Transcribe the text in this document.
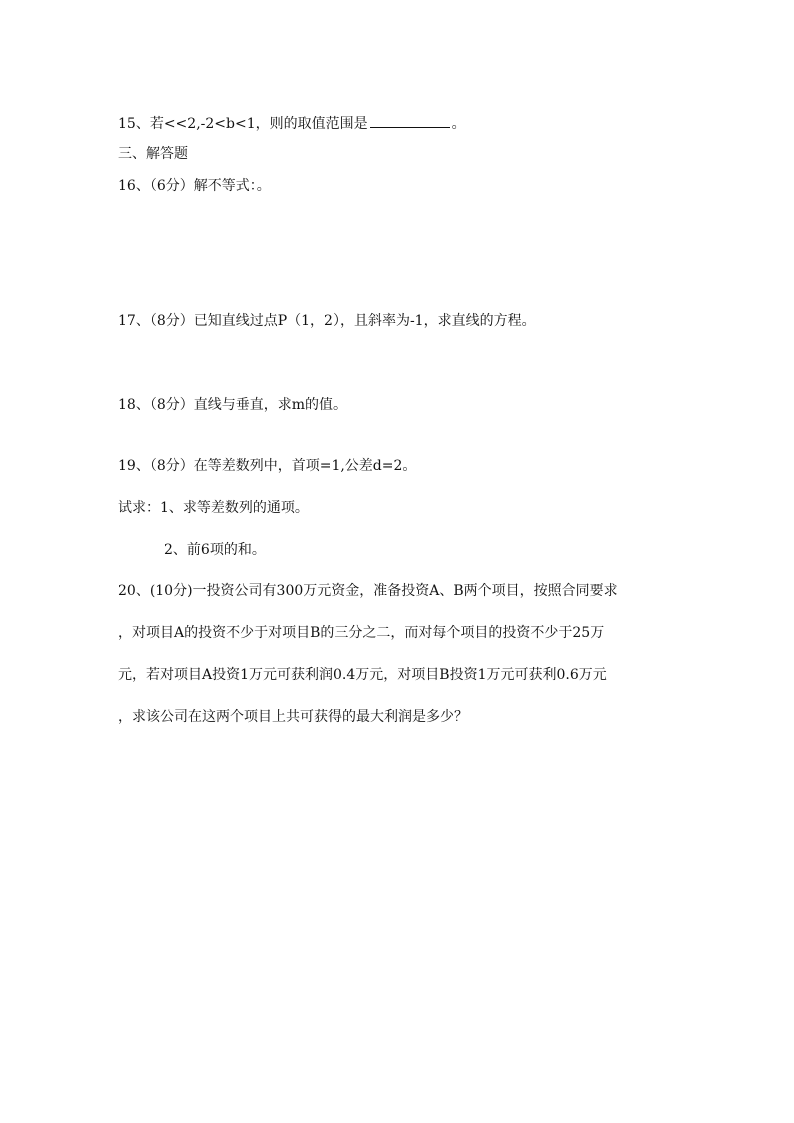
15、若<<2,-2<b<1，则的取值范围是	。
三、解答题
16、（6分）解不等式：。
17、（8分）已知直线过点P（1，2），且斜率为-1，求直线的方程。
18、（8分）直线与垂直，求m的值。
19、（8分）在等差数列中，首项=1,公差d=2。
试求：1、求等差数列的通项。
2、前6项的和。
20、(10分)一投资公司有300万元资金，准备投资A、B两个项目，按照合同要求
，对项目A的投资不少于对项目B的三分之二，而对每个项目的投资不少于25万
元，若对项目A投资1万元可获利润0.4万元，对项目B投资1万元可获利0.6万元
，求该公司在这两个项目上共可获得的最大利润是多少？
